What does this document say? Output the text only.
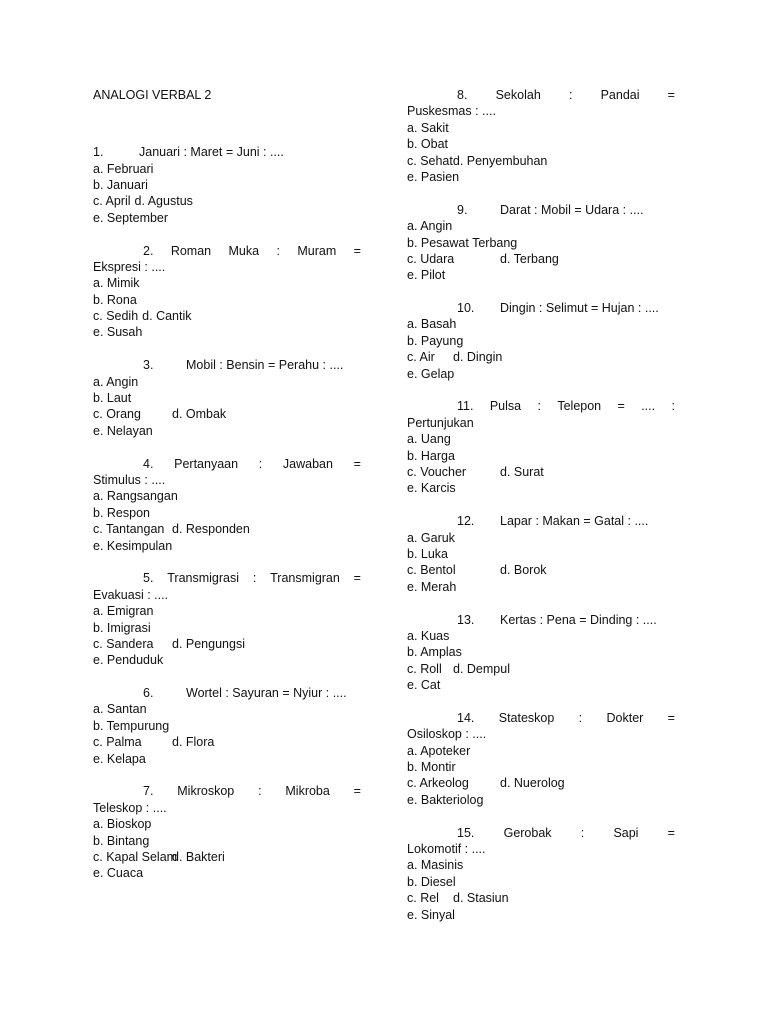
ANALOGI VERBAL 2
1.	Januari : Maret = Juni : ....
a. Februari
b. Januari
c. April d. Agustus
e. September
2. Roman Muka : Muram =
Ekspresi : ....
a. Mimik
b. Rona
c. Sedih d. Cantik
e. Susah
3.	Mobil : Bensin = Perahu : ....
a. Angin
b. Laut
c. Orang	d. Ombak
e. Nelayan
4. Pertanyaan : Jawaban =
Stimulus : ....
a. Rangsangan
b. Respon
c. Tantangan d. Responden
e. Kesimpulan
5. Transmigrasi : Transmigran =
Evakuasi : ....
a. Emigran
b. Imigrasi
c. Sandera	d. Pengungsi
e. Penduduk
6.	Wortel : Sayuran = Nyiur : ....
a. Santan
b. Tempurung
c. Palma	d. Flora
e. Kelapa
7. Mikroskop : Mikroba =
Teleskop : ....
a. Bioskop
b. Bintang
c. Kapal Selam
d. Bakteri
e. Cuaca
8. Sekolah : Pandai =
Puskesmas : ....
a. Sakit
b. Obat
c. Sehat d. Penyembuhan
e. Pasien
9.	Darat : Mobil = Udara : ....
a. Angin
b. Pesawat Terbang
c. Udara	d. Terbang
e. Pilot
10.	Dingin : Selimut = Hujan : ....
a. Basah
b. Payung
c. Air	d. Dingin
e. Gelap
11. Pulsa : Telepon = .... :
Pertunjukan
a. Uang
b. Harga
c. Voucher	d. Surat
e. Karcis
12.	Lapar : Makan = Gatal : ....
a. Garuk
b. Luka
c. Bentol	d. Borok
e. Merah
13.	Kertas : Pena = Dinding : ....
a. Kuas
b. Amplas
c. Roll d. Dempul
e. Cat
14. Stateskop : Dokter =
Osiloskop : ....
a. Apoteker
b. Montir
c. Arkeolog	d. Nuerolog
e. Bakteriolog
15. Gerobak : Sapi =
Lokomotif : ....
a. Masinis
b. Diesel
c. Rel	d. Stasiun
e. Sinyal
